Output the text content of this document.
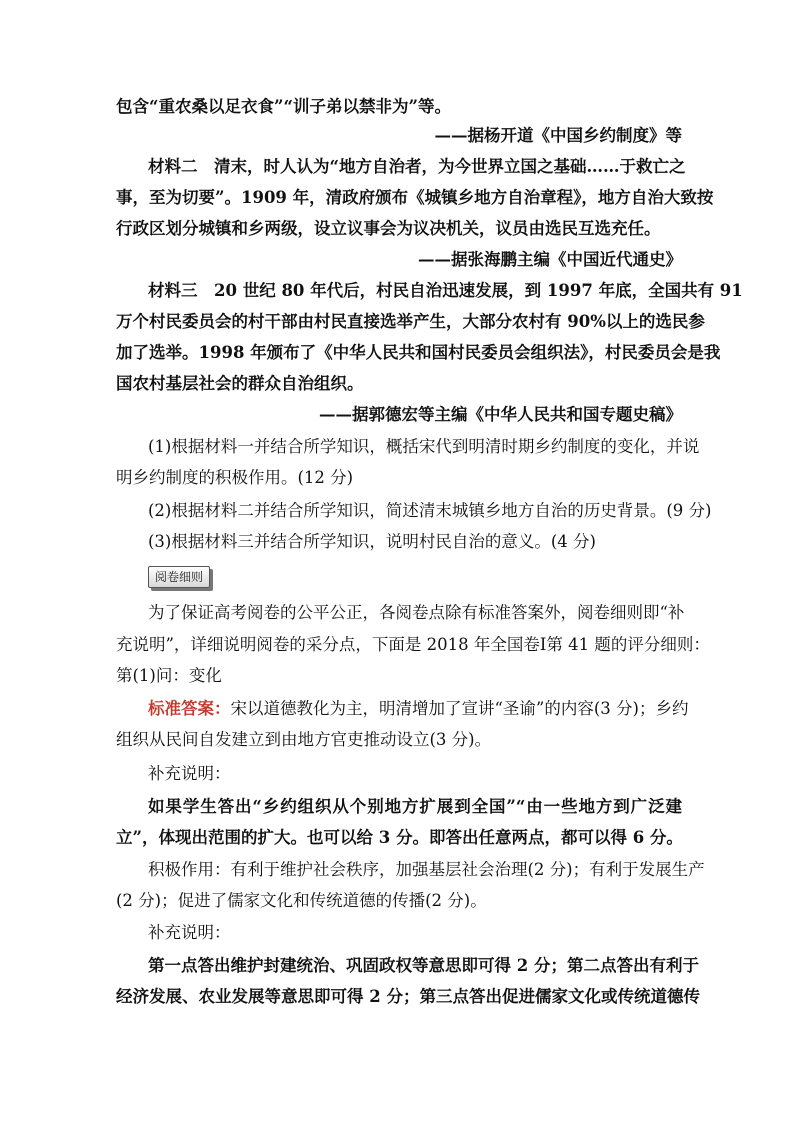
包含“重农桑以足衣食”“训子弟以禁非为”等。
——据杨开道《中国乡约制度》等
材料二　清末，时人认为“地方自治者，为今世界立国之基础……于救亡之
事，至为切要”。1909 年，清政府颁布《城镇乡地方自治章程》，地方自治大致按
行政区划分城镇和乡两级，设立议事会为议决机关，议员由选民互选充任。
——据张海鹏主编《中国近代通史》
材料三　20 世纪 80 年代后，村民自治迅速发展，到 1997 年底，全国共有 91
万个村民委员会的村干部由村民直接选举产生，大部分农村有 90%以上的选民参
加了选举。1998 年颁布了《中华人民共和国村民委员会组织法》，村民委员会是我
国农村基层社会的群众自治组织。
——据郭德宏等主编《中华人民共和国专题史稿》
(1)根据材料一并结合所学知识，概括宋代到明清时期乡约制度的变化，并说
明乡约制度的积极作用。(12 分)
(2)根据材料二并结合所学知识，简述清末城镇乡地方自治的历史背景。(9 分)
(3)根据材料三并结合所学知识，说明村民自治的意义。(4 分)
阅卷细则
为了保证高考阅卷的公平公正，各阅卷点除有标准答案外，阅卷细则即“补
充说明”，详细说明阅卷的采分点，下面是 2018 年全国卷Ⅰ第 41 题的评分细则：
第(1)问：变化
标准答案：宋以道德教化为主，明清增加了宣讲“圣谕”的内容(3 分)；乡约
组织从民间自发建立到由地方官吏推动设立(3 分)。
补充说明：
如果学生答出“乡约组织从个别地方扩展到全国”“由一些地方到广泛建
立”，体现出范围的扩大。也可以给 3 分。即答出任意两点，都可以得 6 分。
积极作用：有利于维护社会秩序，加强基层社会治理(2 分)；有利于发展生产
(2 分)；促进了儒家文化和传统道德的传播(2 分)。
补充说明：
第一点答出维护封建统治、巩固政权等意思即可得 2 分；第二点答出有利于
经济发展、农业发展等意思即可得 2 分；第三点答出促进儒家文化或传统道德传
